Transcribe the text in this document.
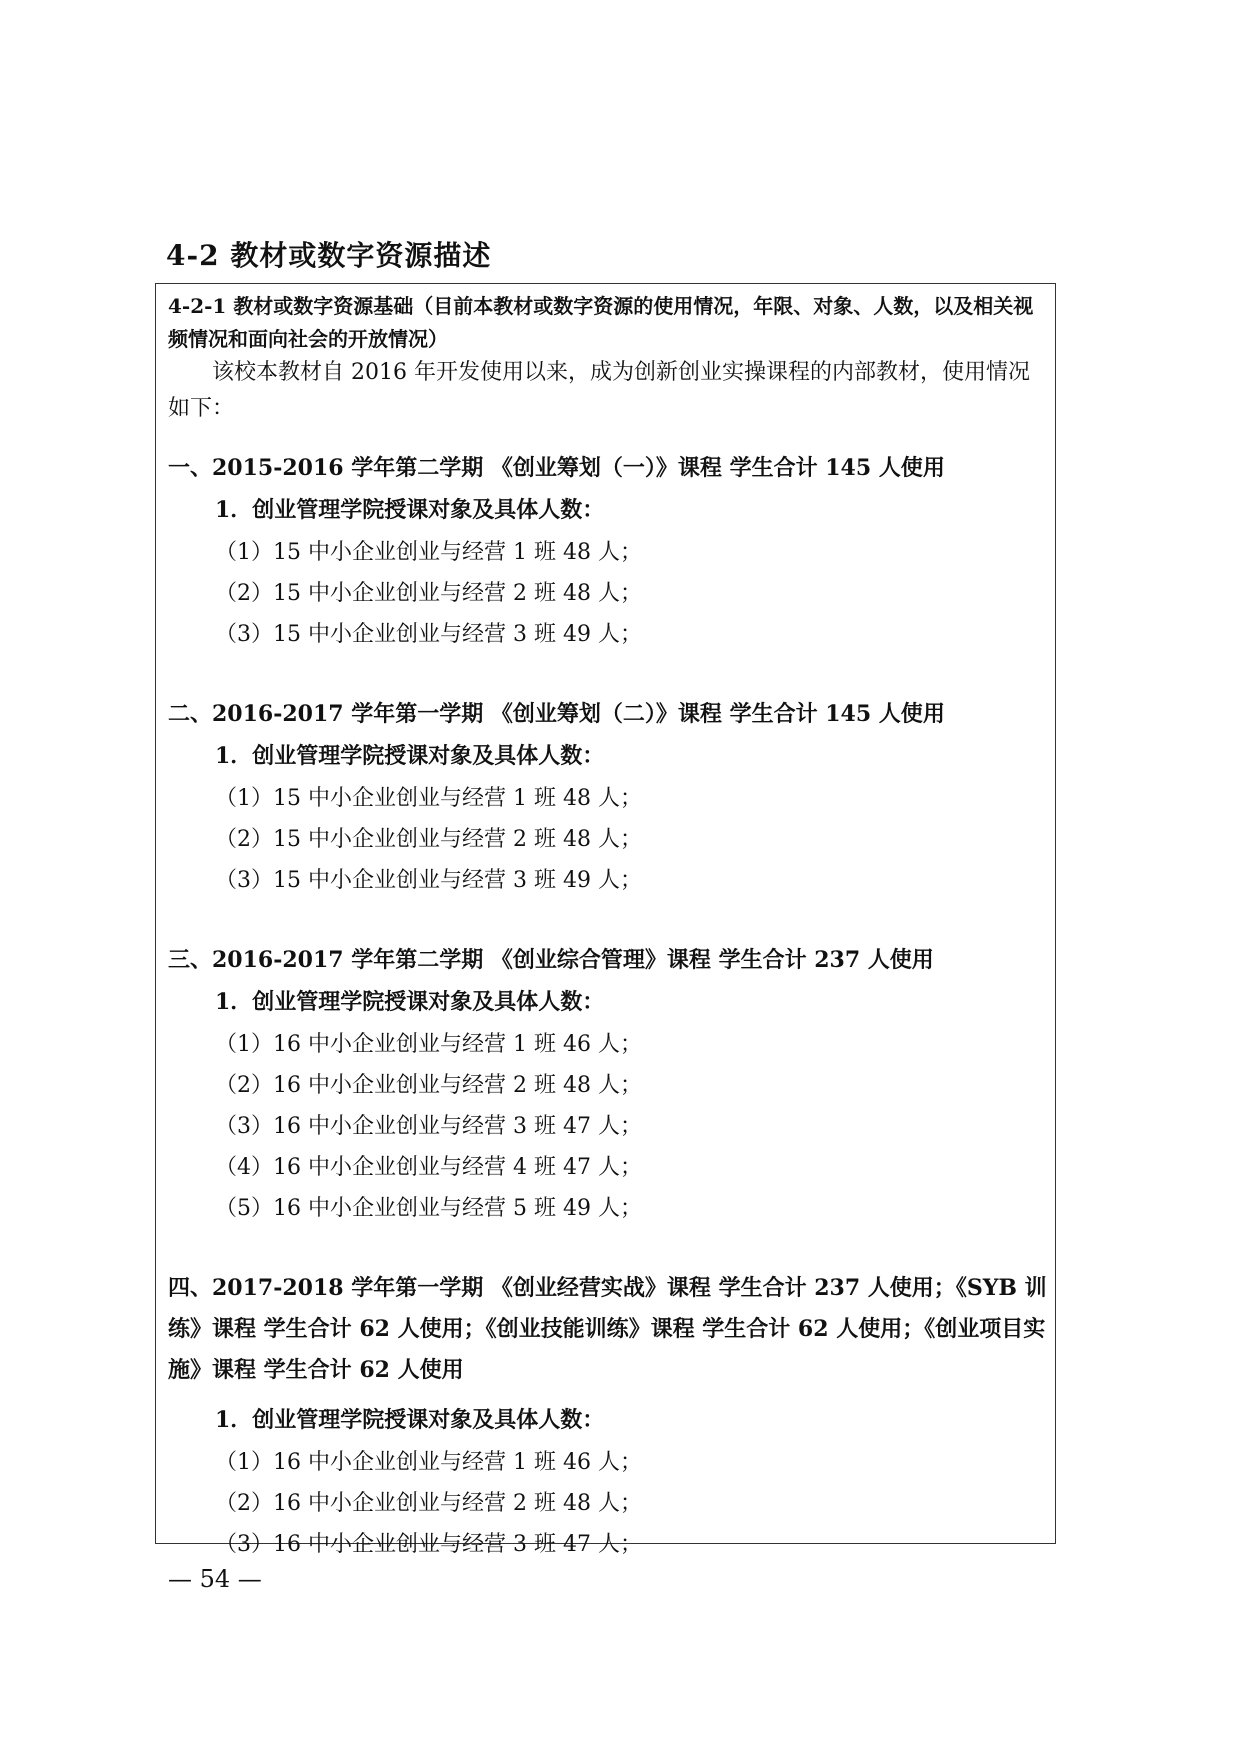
4-2 教材或数字资源描述
4-2-1 教材或数字资源基础（目前本教材或数字资源的使用情况，年限、对象、人数，以及相关视频情况和面向社会的开放情况）
该校本教材自 2016 年开发使用以来，成为创新创业实操课程的内部教材，使用情况如下：
一、2015-2016 学年第二学期 《创业筹划（一）》课程 学生合计 145 人使用
1．创业管理学院授课对象及具体人数：
（1）15 中小企业创业与经营 1 班 48 人；
（2）15 中小企业创业与经营 2 班 48 人；
（3）15 中小企业创业与经营 3 班 49 人；
二、2016-2017 学年第一学期 《创业筹划（二）》课程 学生合计 145 人使用
1．创业管理学院授课对象及具体人数：
（1）15 中小企业创业与经营 1 班 48 人；
（2）15 中小企业创业与经营 2 班 48 人；
（3）15 中小企业创业与经营 3 班 49 人；
三、2016-2017 学年第二学期 《创业综合管理》课程 学生合计 237 人使用
1．创业管理学院授课对象及具体人数：
（1）16 中小企业创业与经营 1 班 46 人；
（2）16 中小企业创业与经营 2 班 48 人；
（3）16 中小企业创业与经营 3 班 47 人；
（4）16 中小企业创业与经营 4 班 47 人；
（5）16 中小企业创业与经营 5 班 49 人；
四、2017-2018 学年第一学期 《创业经营实战》课程 学生合计 237 人使用；《SYB 训练》课程 学生合计 62 人使用；《创业技能训练》课程 学生合计 62 人使用；《创业项目实施》课程 学生合计 62 人使用
1．创业管理学院授课对象及具体人数：
（1）16 中小企业创业与经营 1 班 46 人；
（2）16 中小企业创业与经营 2 班 48 人；
（3）16 中小企业创业与经营 3 班 47 人；
— 54 —
